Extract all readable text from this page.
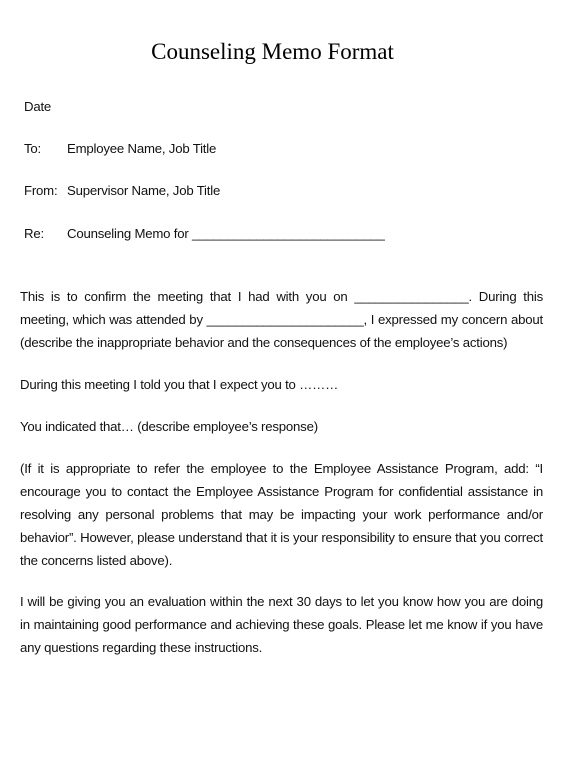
Counseling Memo Format
Date
To: Employee Name, Job Title
From: Supervisor Name, Job Title
Re: Counseling Memo for ___________________________

This is to confirm the meeting that I had with you on ________________. During this meeting, which was attended by ______________________, I expressed my concern about (describe the inappropriate behavior and the consequences of the employee’s actions)

During this meeting I told you that I expect you to ………

You indicated that… (describe employee’s response)

(If it is appropriate to refer the employee to the Employee Assistance Program, add: “I encourage you to contact the Employee Assistance Program for confidential assistance in resolving any personal problems that may be impacting your work performance and/or behavior”. However, please understand that it is your responsibility to ensure that you correct the concerns listed above).

I will be giving you an evaluation within the next 30 days to let you know how you are doing in maintaining good performance and achieving these goals. Please let me know if you have any questions regarding these instructions.
